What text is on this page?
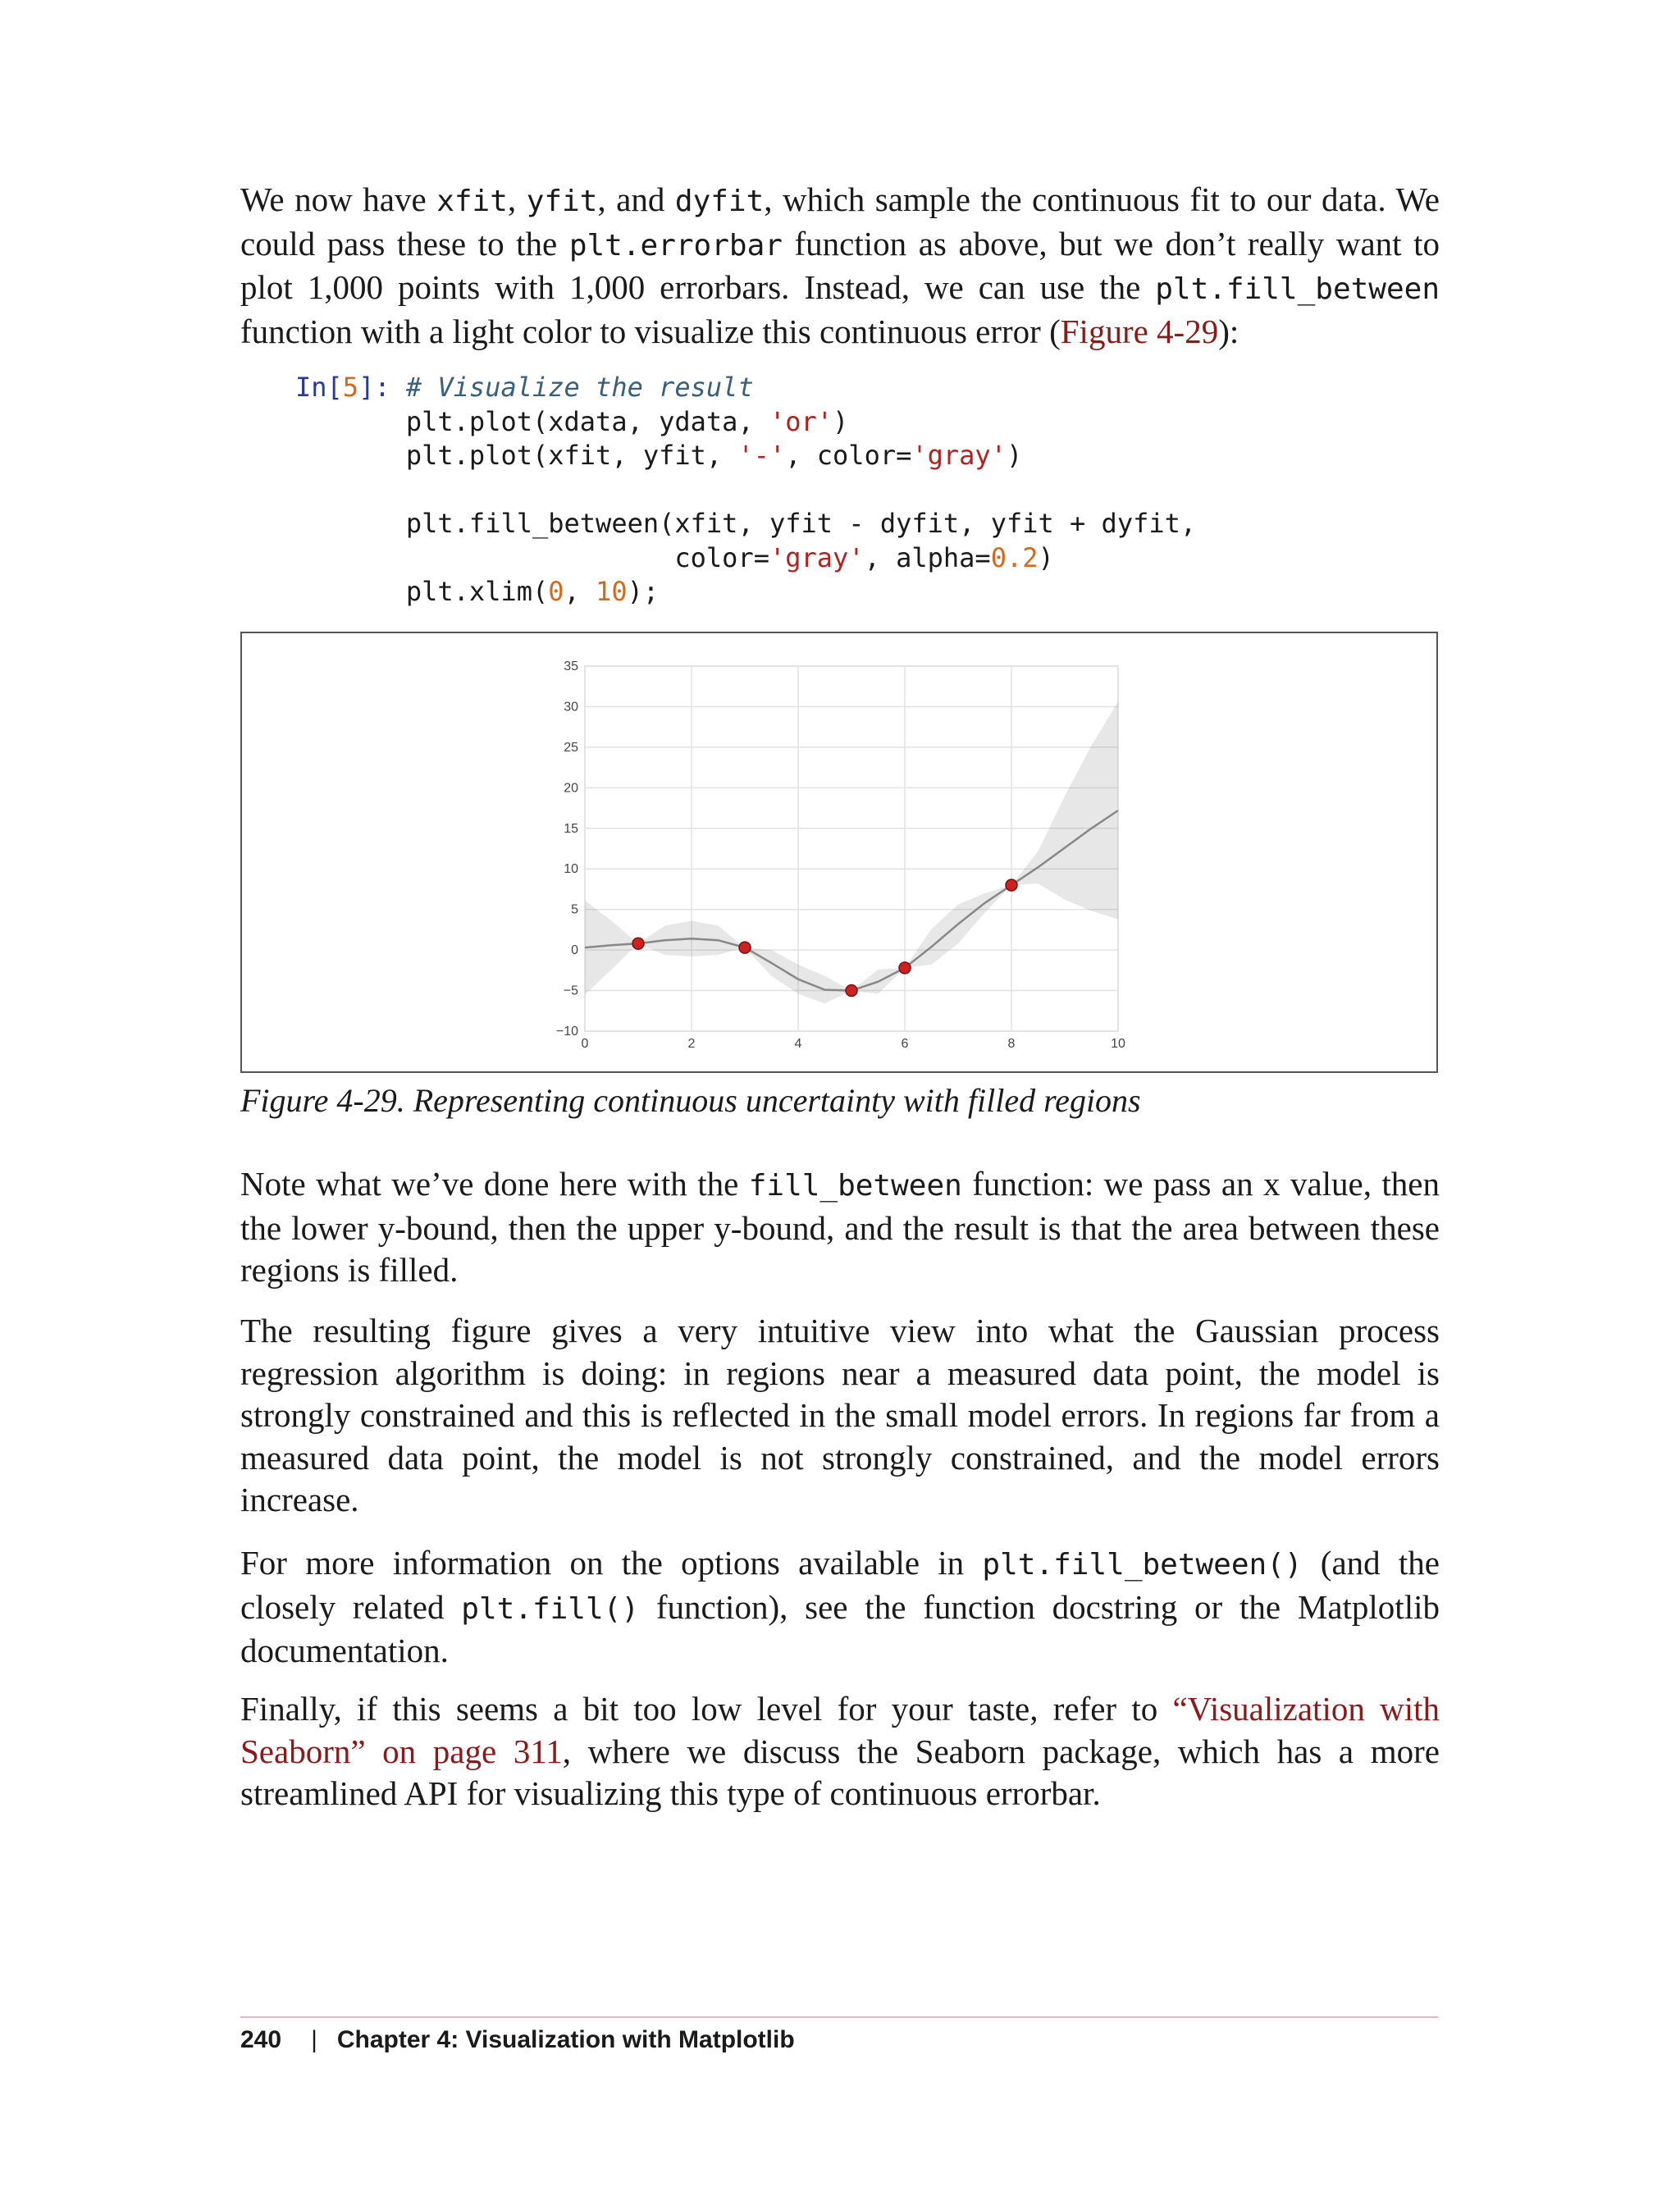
We now have xfit, yfit, and dyfit, which sample the continuous fit to our data. We could pass these to the plt.errorbar function as above, but we don’t really want to plot 1,000 points with 1,000 errorbars. Instead, we can use the plt.fill_between function with a light color to visualize this continuous error (Figure 4-29):

In[5]: # Visualize the result
plt.plot(xdata, ydata, 'or')
plt.plot(xfit, yfit, '-', color='gray')

plt.fill_between(xfit, yfit - dyfit, yfit + dyfit,
color='gray', alpha=0.2)
plt.xlim(0, 10);
35
30
25
20
15
10
5
0
−5
−10
0	2	4	6	8	10
Figure 4-29. Representing continuous uncertainty with filled regions

Note what we’ve done here with the fill_between function: we pass an x value, then the lower y-bound, then the upper y-bound, and the result is that the area between these regions is filled.

The resulting figure gives a very intuitive view into what the Gaussian process regression algorithm is doing: in regions near a measured data point, the model is strongly constrained and this is reflected in the small model errors. In regions far from a measured data point, the model is not strongly constrained, and the model errors increase.

For more information on the options available in plt.fill_between() (and the closely related plt.fill() function), see the function docstring or the Matplotlib documentation.

Finally, if this seems a bit too low level for your taste, refer to “Visualization with Seaborn” on page 311, where we discuss the Seaborn package, which has a more streamlined API for visualizing this type of continuous errorbar.

240 | Chapter 4: Visualization with Matplotlib
